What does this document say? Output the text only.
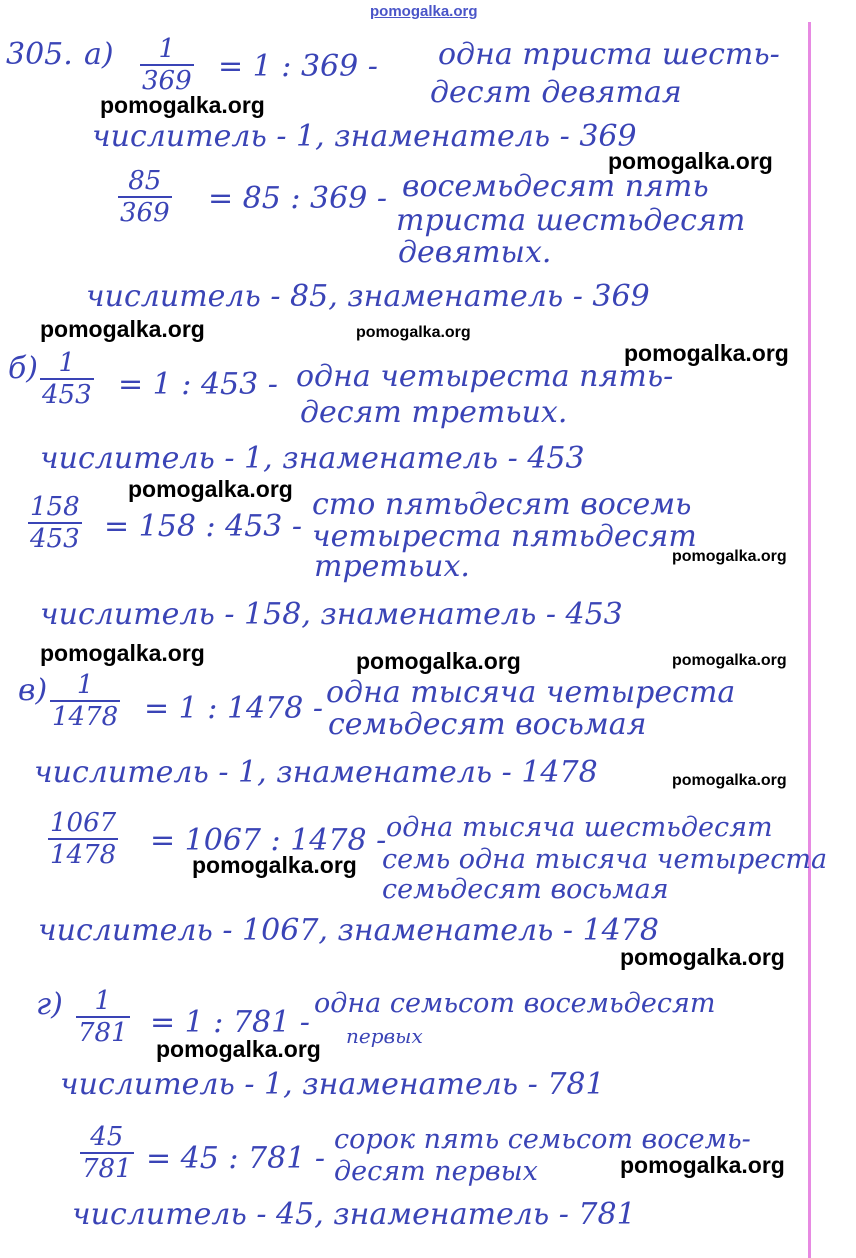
pomogalka.org
305. а)	1
369 = 1 : 369 - одна триста шесть-
десят девятая
числитель - 1, знаменатель - 369
85
369 = 85 : 369 - восемьдесят пять
триста шестьдесят
девятых.
числитель - 85, знаменатель - 369
б) 1
453 = 1 : 453 - одна четыреста пять-
десят третьих.
числитель - 1, знаменатель - 453
158
453 = 158 : 453 -
сто пятьдесят восемь
четыреста пятьдесят
третьих.
числитель - 158, знаменатель - 453
в)	1
1478 = 1 : 1478 - одна тысяча четыреста
семьдесят восьмая
числитель - 1, знаменатель - 1478
1067
1478 = 1067 : 1478 - одна тысяча шестьдесят
семь одна тысяча четыреста
семьдесят восьмая
числитель - 1067, знаменатель - 1478
г)	1
781 = 1 : 781 -
одна семьсот восемьдесят
первых
числитель - 1, знаменатель - 781
45
781 = 45 : 781 -
сорок пять семьсот восемь-
десят первых
числитель - 45, знаменатель - 781
pomogalka.org
pomogalka.org
pomogalka.org	pomogalka.org
pomogalka.org
pomogalka.org
pomogalka.org
pomogalka.org	pomogalka.org	pomogalka.org
pomogalka.org
pomogalka.org
pomogalka.org
pomogalka.org
pomogalka.org
